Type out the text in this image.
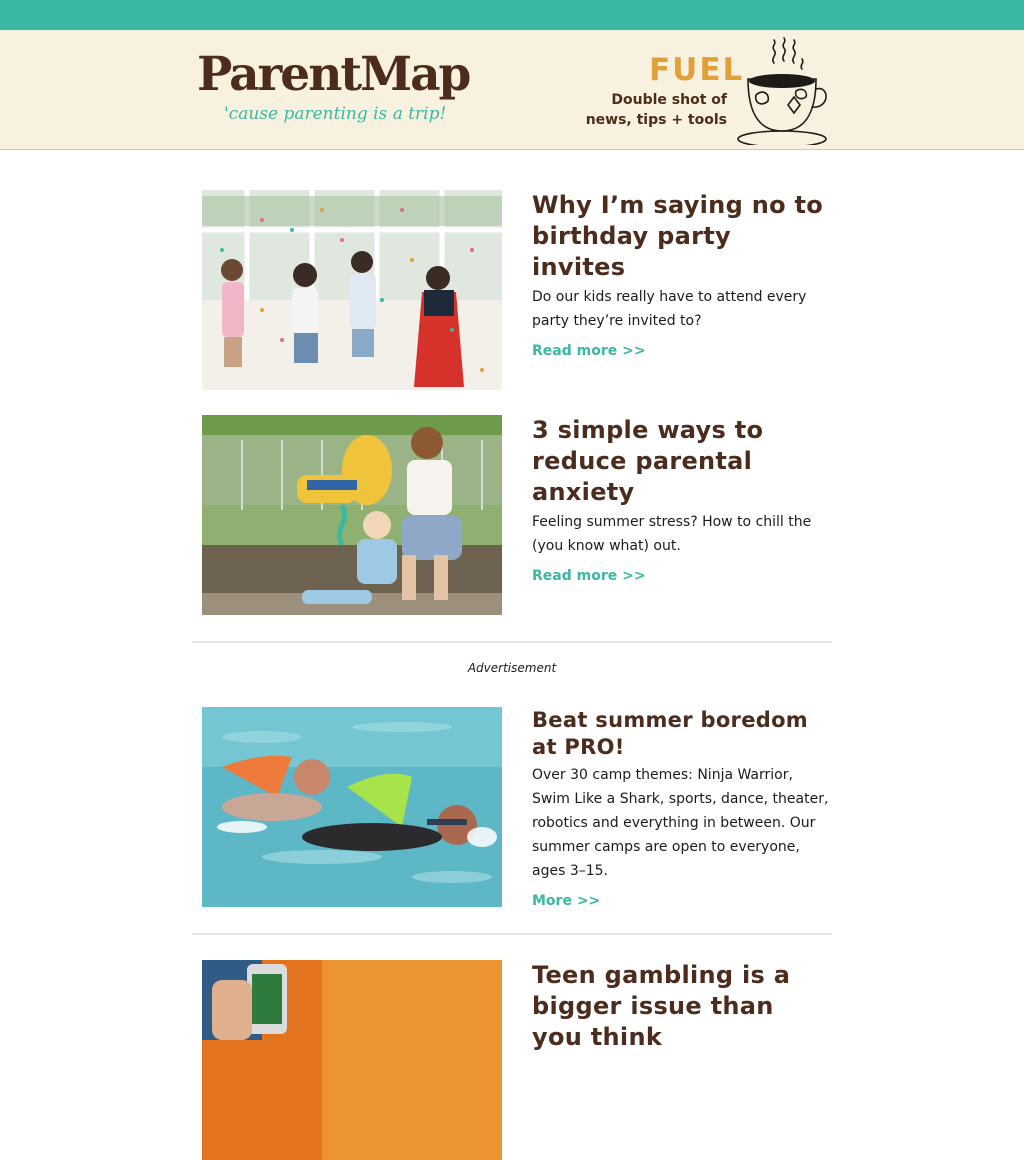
ParentMap
'cause parenting is a trip!
FUEL
Double shot of
news, tips + tools
Why I’m saying no to birthday party invites

Do our kids really have to attend every party they’re invited to?

Read more >>
3 simple ways to reduce parental anxiety

Feeling summer stress? How to chill the (you know what) out.

Read more >>
Advertisement
Beat summer boredom at PRO!

Over 30 camp themes: Ninja Warrior, Swim Like a Shark, sports, dance, theater, robotics and everything in between. Our summer camps are open to everyone, ages 3–15.

More >>
Teen gambling is a bigger issue than you think
